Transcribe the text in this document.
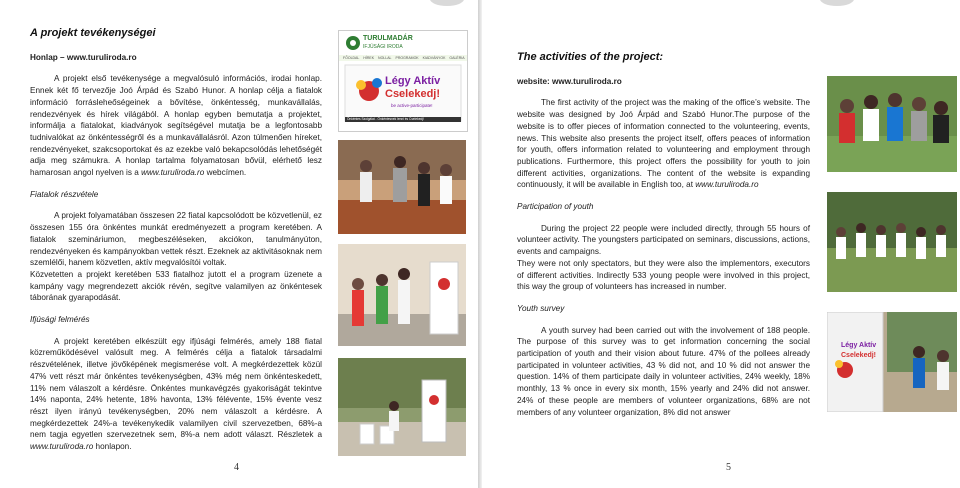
A projekt tevékenységei

Honlap – www.turuliroda.ro

A projekt első tevékenysége a megvalósuló információs, irodai honlap. Ennek két fő tervezője Joó Árpád és Szabó Hunor. A honlap célja a fiatalok információ forrásleheőségeinek a bővítése, önkéntesség, munkavállalás, rendezvények és hírek világából. A honlap egyben bemutatja a projektet, informálja a fiatalokat, kiadványok segítségével mutatja be a legfontosabb tudnivalókat az önkéntességről és a munkavállalásról. Azon túlmenően híreket, rendezvényeket, szakcsoportokat és az ezekbe való bekapcsolódás lehetőségét adja meg számukra. A honlap tartalma folyamatosan bővül, elérhető lesz hamarosan angol nyelven is a www.turuliroda.ro webcímen.

Fiatalok részvétele

A projekt folyamatában összesen 22 fiatal kapcsolódott be közvetlenül, ez összesen 155 óra önkéntes munkát eredményezett a program keretében. A fiatalok szemináriumon, megbeszéléseken, akciókon, tanulmányúton, rendezvényeken és kampányokban vettek részt. Ezeknek az aktivitásoknak nem szemlélői, hanem közvetlen, aktív megvalósítói voltak.

Közvetetten a projekt keretében 533 fiatalhoz jutott el a program üzenete a kampány vagy megrendezett akciók révén, segítve valamilyen az önkéntesek táborának gyarapodását.

Ifjúsági felmérés

A projekt keretében elkészült egy ifjúsági felmérés, amely 188 fiatal közreműködésével valósult meg. A felmérés célja a fiatalok társadalmi részvételének, illetve jövőképének megismerése volt. A megkérdezettek közül 47% vett részt már önkéntes tevékenységben, 43% még nem önkénteskedett, 11% nem válaszolt a kérdésre. Önkéntes munkavégzés gyakoriságát tekintve 14% naponta, 24% hetente, 18% havonta, 13% félévente, 15% évente vesz részt ilyen irányú tevékenységben, 20% nem válaszolt a kérdésre. A megkérdezettek 24%-a tevékenykedik valamilyen civil szervezetben, 68%-a nem tagja egyetlen szervezetnek sem, 8%-a nem adott választ. Részletek a www.turuliroda.ro honlapon.

TURULMADÁR
IFJÚSÁGI IRODA
FŐOLDAL HÍREK NOLLAL PROGRAMOK KIADVÁNYOK GALÉRIA
Légy Aktív
Cselekedj!
be active-participate!
Önkéntes Szolgálat - Önkéntesnek lenni és Cselekedj!
4

The activities of the project:

website: www.turuliroda.ro

The first activity of the project was the making of the office’s website. The website was designed by Joó Árpád and Szabó Hunor.The purpose of the website is to offer pieces of information connected to the volunteering, events, news. This website also presents the project itself, offers peaces of information for youth, offers information related to volunteering and employment through publications. Furthermore, this project offers the possibility for youth to join different activities, organizations. The content of the website is expanding continuously, it will be available in English too, at www.turuliroda.ro

Participation of youth

During the project 22 people were included directly, through 55 hours of volunteer activity. The youngsters participated on seminars, discussions, actions, events and campaigns.

They were not only spectators, but they were also the implementors, executors of different activities. Indirectly 533 young people were involved in this project, this way the group of volunteers has increased in number.

Youth survey

A youth survey had been carried out with the involvement of 188 people. The purpose of this survey was to get information concerning the social participation of youth and their vision about future. 47% of the pollees already participated in volunteer activities, 43 % did not, and 10 % did not answer the question. 14% of them participate daily in volunteer activities, 24% weekly, 18% monthly, 13 % once in every six month, 15% yearly and 24% did not answer. 24% of these people are members of volunteer organizations, 68% are not members of any volunteer organization, 8% did not answer

Légy Aktív
Cselekedj!
5
